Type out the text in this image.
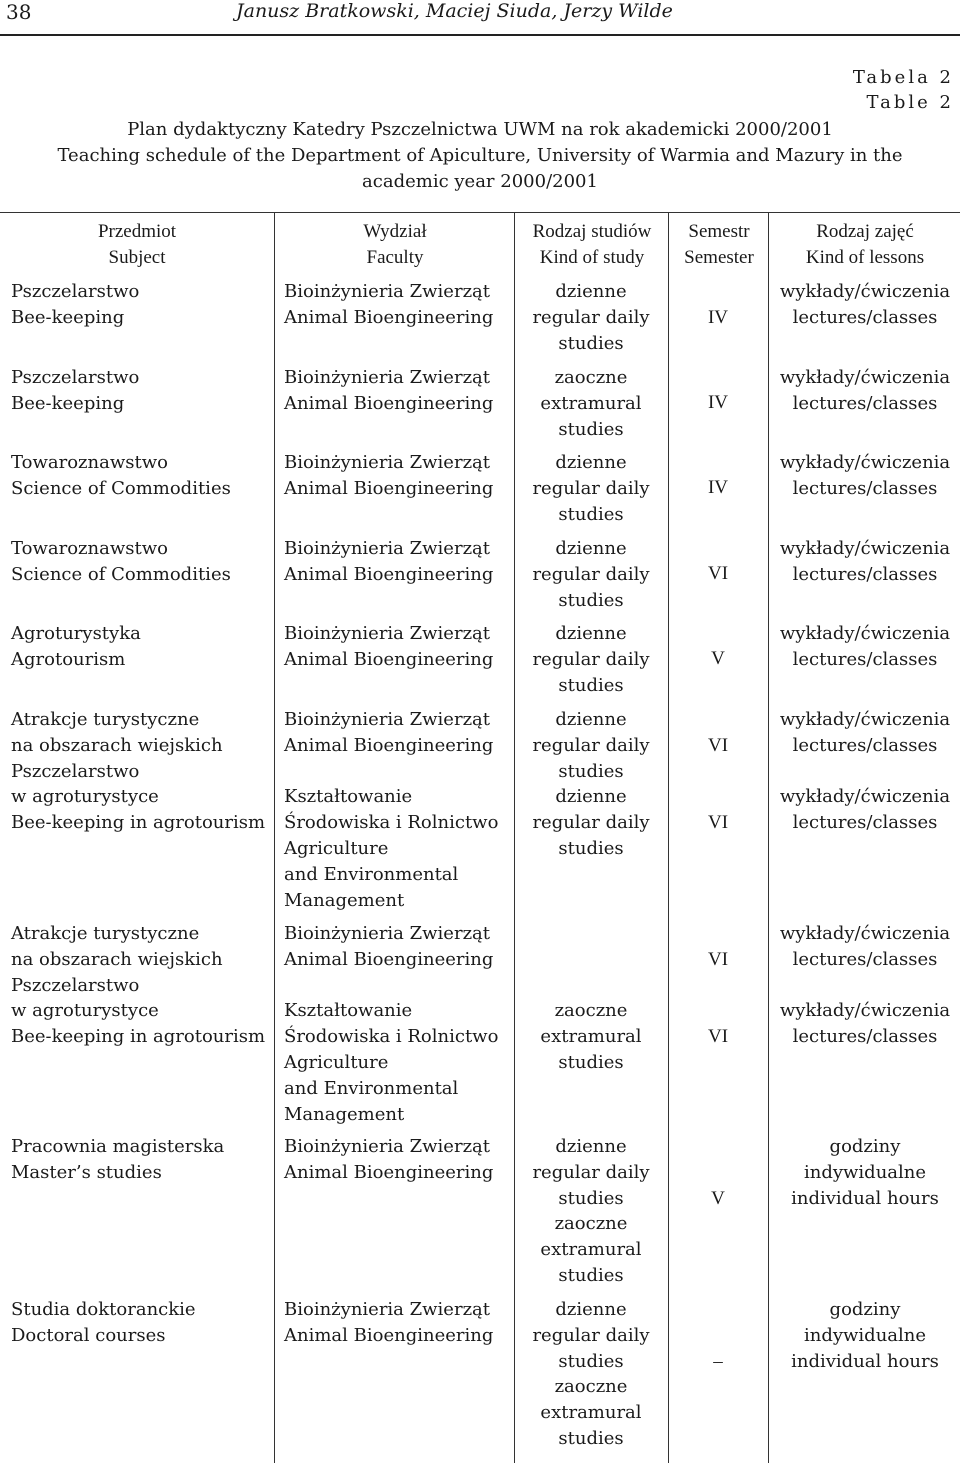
38	Janusz Bratkowski, Maciej Siuda, Jerzy Wilde
Tabela 2
Table 2
Plan dydaktyczny Katedry Pszczelnictwa UWM na rok akademicki 2000/2001
Teaching schedule of the Department of Apiculture, University of Warmia and Mazury in the
academic year 2000/2001
Przedmiot
Subject
Wydział
Faculty
Rodzaj studiów
Kind of study
Semestr
Semester
Rodzaj zajęć
Kind of lessons
Pszczelarstwo
Bee-keeping
Bioinżynieria Zwierząt
Animal Bioengineering
dzienne
regular daily
studies
IV
wykłady/ćwiczenia
lectures/classes
Pszczelarstwo
Bee-keeping
Bioinżynieria Zwierząt
Animal Bioengineering
zaoczne
extramural
studies
IV
wykłady/ćwiczenia
lectures/classes
Towaroznawstwo
Science of Commodities
Bioinżynieria Zwierząt
Animal Bioengineering
dzienne
regular daily
studies
IV
wykłady/ćwiczenia
lectures/classes
Towaroznawstwo
Science of Commodities
Bioinżynieria Zwierząt
Animal Bioengineering
dzienne
regular daily
studies
VI
wykłady/ćwiczenia
lectures/classes
Agroturystyka
Agrotourism
Bioinżynieria Zwierząt
Animal Bioengineering
dzienne
regular daily
studies
V
wykłady/ćwiczenia
lectures/classes
Atrakcje turystyczne
na obszarach wiejskich
Pszczelarstwo
w agroturystyce
Bee-keeping in agrotourism
Bioinżynieria Zwierząt
Animal Bioengineering

Kształtowanie
Środowiska i Rolnictwo
Agriculture
and Environmental
Management
dzienne
regular daily
studies
dzienne
regular daily
studies

VI

VI
wykłady/ćwiczenia
lectures/classes

wykłady/ćwiczenia
lectures/classes
Atrakcje turystyczne
na obszarach wiejskich
Pszczelarstwo
w agroturystyce
Bee-keeping in agrotourism
Bioinżynieria Zwierząt
Animal Bioengineering

Kształtowanie
Środowiska i Rolnictwo
Agriculture
and Environmental
Management

zaoczne
extramural
studies

VI

VI
wykłady/ćwiczenia
lectures/classes

wykłady/ćwiczenia
lectures/classes
Pracownia magisterska
Master’s studies
Bioinżynieria Zwierząt
Animal Bioengineering
dzienne
regular daily
studies
zaoczne
extramural
studies

V
godziny
indywidualne
individual hours
Studia doktoranckie
Doctoral courses
Bioinżynieria Zwierząt
Animal Bioengineering
dzienne
regular daily
studies
zaoczne
extramural
studies

–
godziny
indywidualne
individual hours
